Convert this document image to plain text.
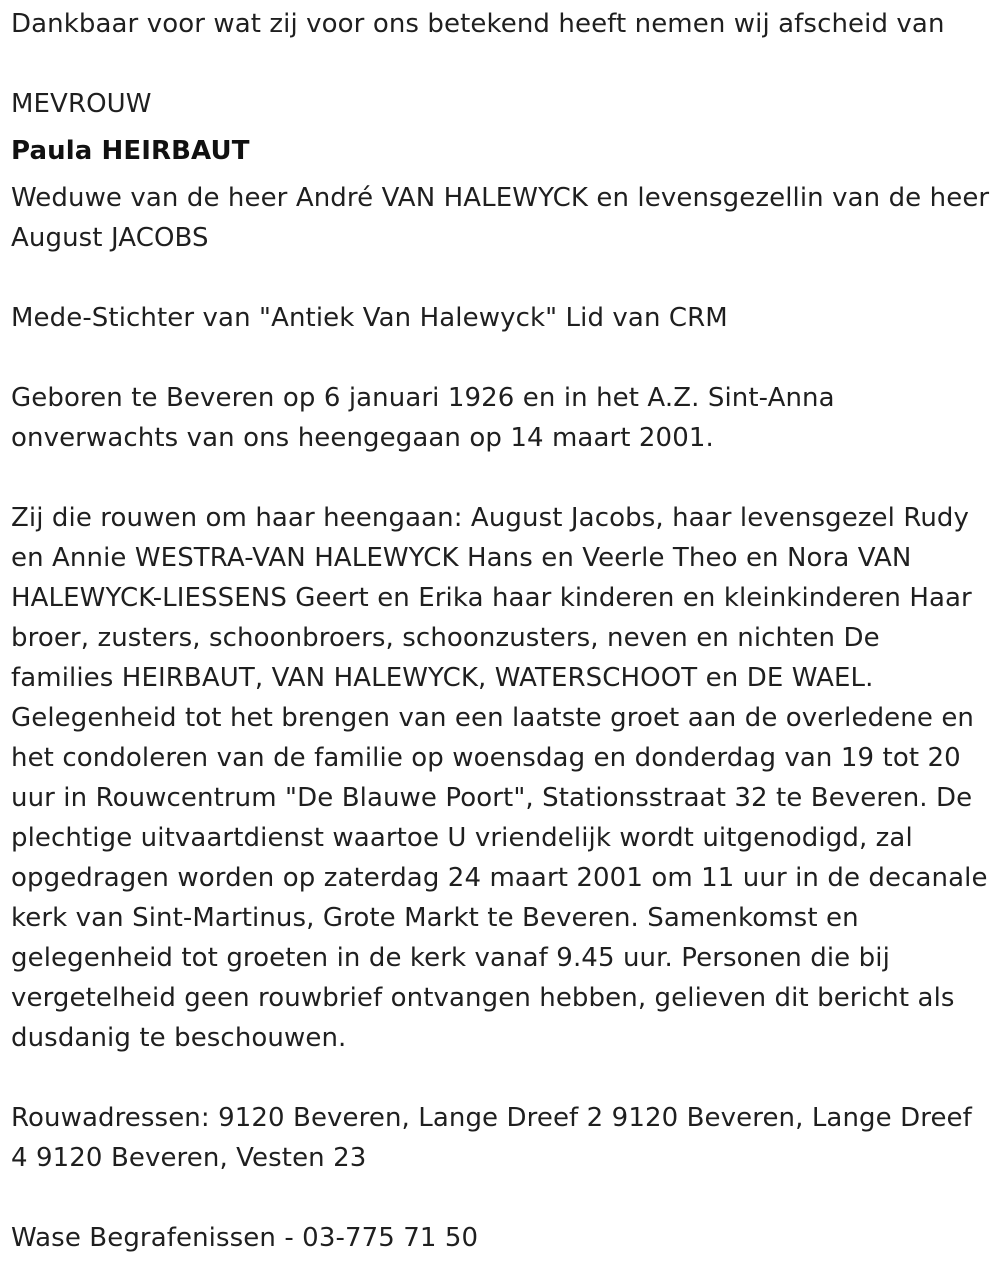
Dankbaar voor wat zij voor ons betekend heeft nemen wij afscheid van

MEVROUW

Paula HEIRBAUT

Weduwe van de heer André VAN HALEWYCK en levensgezellin van de heer August JACOBS

Mede-Stichter van "Antiek Van Halewyck" Lid van CRM

Geboren te Beveren op 6 januari 1926 en in het A.Z. Sint-Anna onverwachts van ons heengegaan op 14 maart 2001.

Zij die rouwen om haar heengaan: August Jacobs, haar levensgezel Rudy en Annie WESTRA-VAN HALEWYCK Hans en Veerle Theo en Nora VAN HALEWYCK-LIESSENS Geert en Erika haar kinderen en kleinkinderen Haar broer, zusters, schoonbroers, schoonzusters, neven en nichten De families HEIRBAUT, VAN HALEWYCK, WATERSCHOOT en DE WAEL. Gelegenheid tot het brengen van een laatste groet aan de overledene en het condoleren van de familie op woensdag en donderdag van 19 tot 20 uur in Rouwcentrum "De Blauwe Poort", Stationsstraat 32 te Beveren. De plechtige uitvaartdienst waartoe U vriendelijk wordt uitgenodigd, zal opgedragen worden op zaterdag 24 maart 2001 om 11 uur in de decanale kerk van Sint-Martinus, Grote Markt te Beveren. Samenkomst en gelegenheid tot groeten in de kerk vanaf 9.45 uur. Personen die bij vergetelheid geen rouwbrief ontvangen hebben, gelieven dit bericht als dusdanig te beschouwen.

Rouwadressen: 9120 Beveren, Lange Dreef 2 9120 Beveren, Lange Dreef 4 9120 Beveren, Vesten 23

Wase Begrafenissen - 03-775 71 50
